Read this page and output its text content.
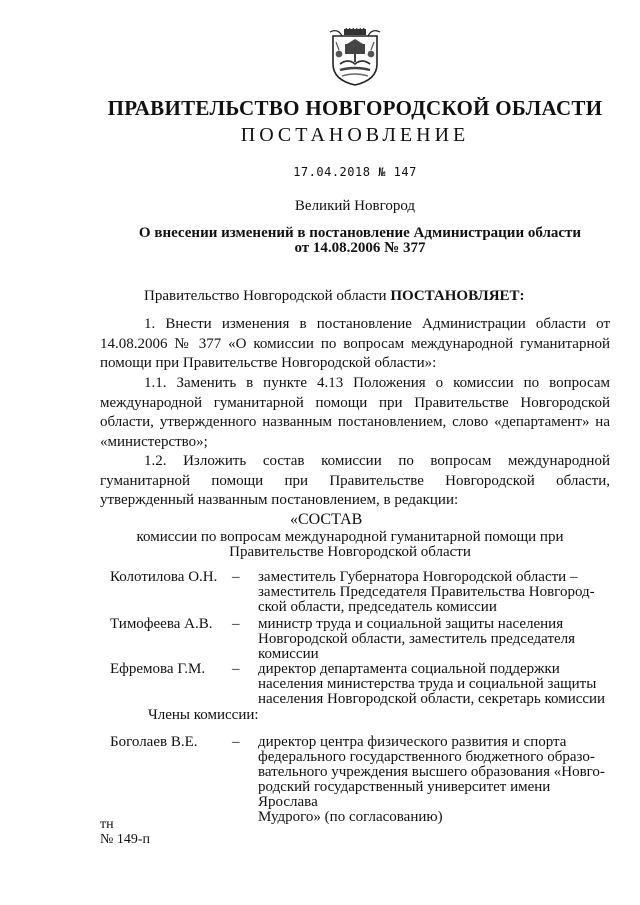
ПРАВИТЕЛЬСТВО НОВГОРОДСКОЙ ОБЛАСТИ
ПОСТАНОВЛЕНИЕ
17.04.2018 № 147
Великий Новгород
О внесении изменений в постановление Администрации области
от 14.08.2006 № 377
Правительство Новгородской области ПОСТАНОВЛЯЕТ:
1. Внести изменения в постановление Администрации области от 14.08.2006 № 377 «О комиссии по вопросам международной гуманитарной помощи при Правительстве Новгородской области»:
1.1. Заменить в пункте 4.13 Положения о комиссии по вопросам международной гуманитарной помощи при Правительстве Новгородской области, утвержденного названным постановлением, слово «департамент» на «министерство»;
1.2. Изложить состав комиссии по вопросам международной гуманитарной помощи при Правительстве Новгородской области, утвержденный названным постановлением, в редакции:
«СОСТАВ
комиссии по вопросам международной гуманитарной помощи при
Правительстве Новгородской области
Колотилова О.Н. – заместитель Губернатора Новгородской области –
заместитель Председателя Правительства Новгород-
ской области, председатель комиссии
Тимофеева А.В. – министр труда и социальной защиты населения
Новгородской области, заместитель председателя
комиссии
Ефремова Г.М. – директор департамента социальной поддержки
населения министерства труда и социальной защиты
населения Новгородской области, секретарь комиссии
Члены комиссии:
Боголаев В.Е. – директор центра физического развития и спорта
федерального государственного бюджетного образо-
вательного учреждения высшего образования «Новго-
родский государственный университет имени Ярослава
Мудрого» (по согласованию)
тн
№ 149-п
